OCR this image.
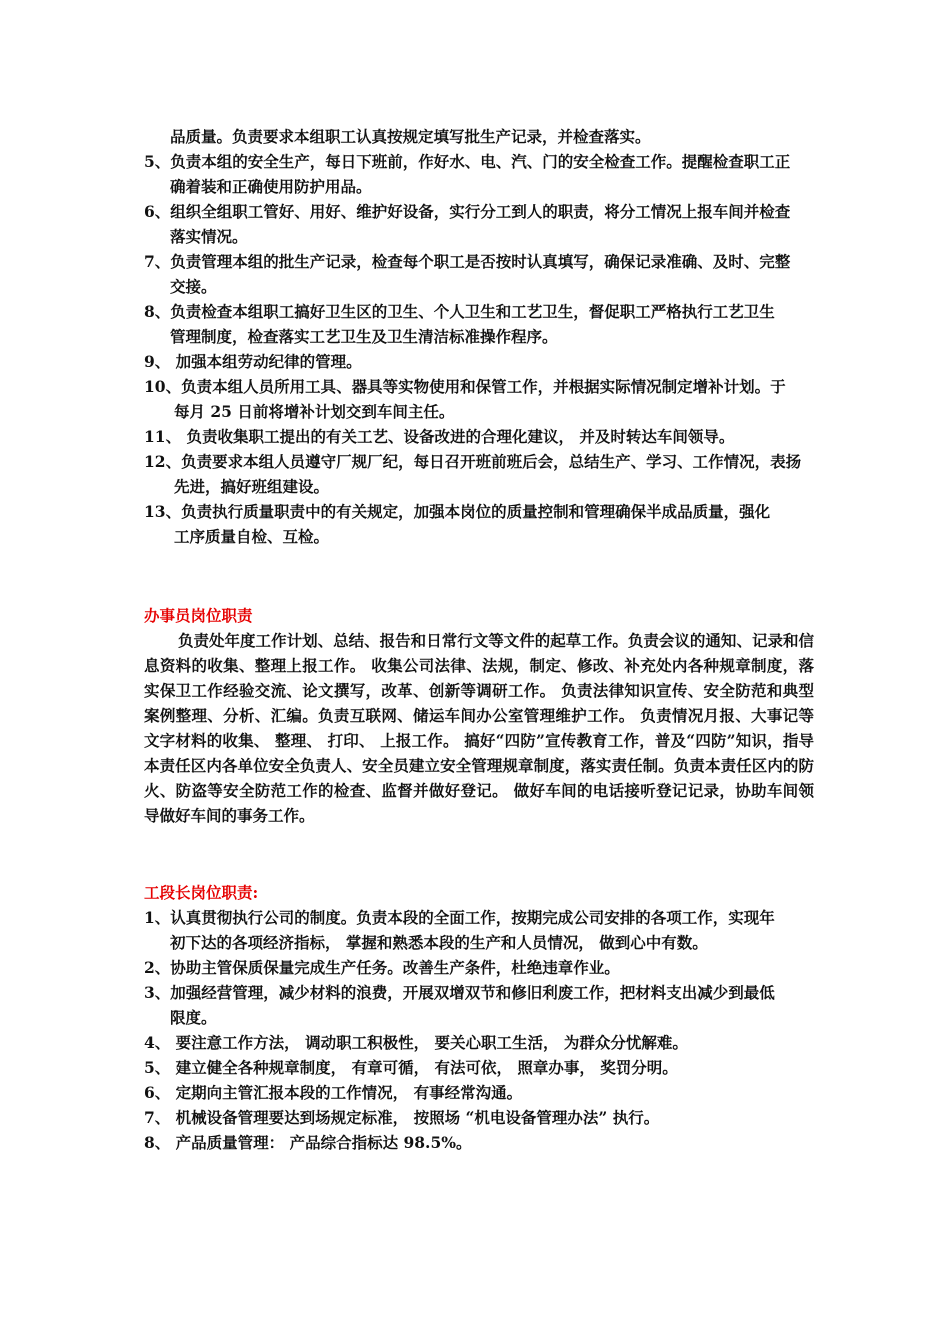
品质量。负责要求本组职工认真按规定填写批生产记录，并检查落实。
5、负责本组的安全生产，每日下班前，作好水、电、汽、门的安全检查工作。提醒检查职工正
确着装和正确使用防护用品。
6、组织全组职工管好、用好、维护好设备，实行分工到人的职责，将分工情况上报车间并检查
落实情况。
7、负责管理本组的批生产记录，检查每个职工是否按时认真填写，确保记录准确、及时、完整
交接。
8、负责检查本组职工搞好卫生区的卫生、个人卫生和工艺卫生，督促职工严格执行工艺卫生
管理制度，检查落实工艺卫生及卫生清洁标准操作程序。
9、 加强本组劳动纪律的管理。
10、负责本组人员所用工具、器具等实物使用和保管工作，并根据实际情况制定增补计划。于
每月 25 日前将增补计划交到车间主任。
11、 负责收集职工提出的有关工艺、设备改进的合理化建议， 并及时转达车间领导。
12、负责要求本组人员遵守厂规厂纪，每日召开班前班后会，总结生产、学习、工作情况，表扬
先进，搞好班组建设。
13、负责执行质量职责中的有关规定，加强本岗位的质量控制和管理确保半成品质量，强化
工序质量自检、互检。
办事员岗位职责
负责处年度工作计划、总结、报告和日常行文等文件的起草工作。负责会议的通知、记录和信息资料的收集、整理上报工作。 收集公司法律、法规，制定、修改、补充处内各种规章制度，落实保卫工作经验交流、论文撰写，改革、创新等调研工作。 负责法律知识宣传、安全防范和典型案例整理、分析、汇编。负责互联网、储运车间办公室管理维护工作。 负责情况月报、大事记等文字材料的收集、 整理、 打印、 上报工作。 搞好“四防”宣传教育工作，普及“四防”知识，指导本责任区内各单位安全负责人、安全员建立安全管理规章制度，落实责任制。负责本责任区内的防火、防盗等安全防范工作的检查、监督并做好登记。 做好车间的电话接听登记记录，协助车间领导做好车间的事务工作。
工段长岗位职责:
1、认真贯彻执行公司的制度。负责本段的全面工作，按期完成公司安排的各项工作，实现年
初下达的各项经济指标， 掌握和熟悉本段的生产和人员情况， 做到心中有数。
2、协助主管保质保量完成生产任务。改善生产条件，杜绝违章作业。
3、加强经营管理，减少材料的浪费，开展双增双节和修旧利废工作，把材料支出减少到最低
限度。
4、 要注意工作方法， 调动职工积极性， 要关心职工生活， 为群众分忧解难。
5、 建立健全各种规章制度， 有章可循， 有法可依， 照章办事， 奖罚分明。
6、 定期向主管汇报本段的工作情况， 有事经常沟通。
7、 机械设备管理要达到场规定标准， 按照场 “机电设备管理办法” 执行。
8、 产品质量管理： 产品综合指标达 98.5%。
